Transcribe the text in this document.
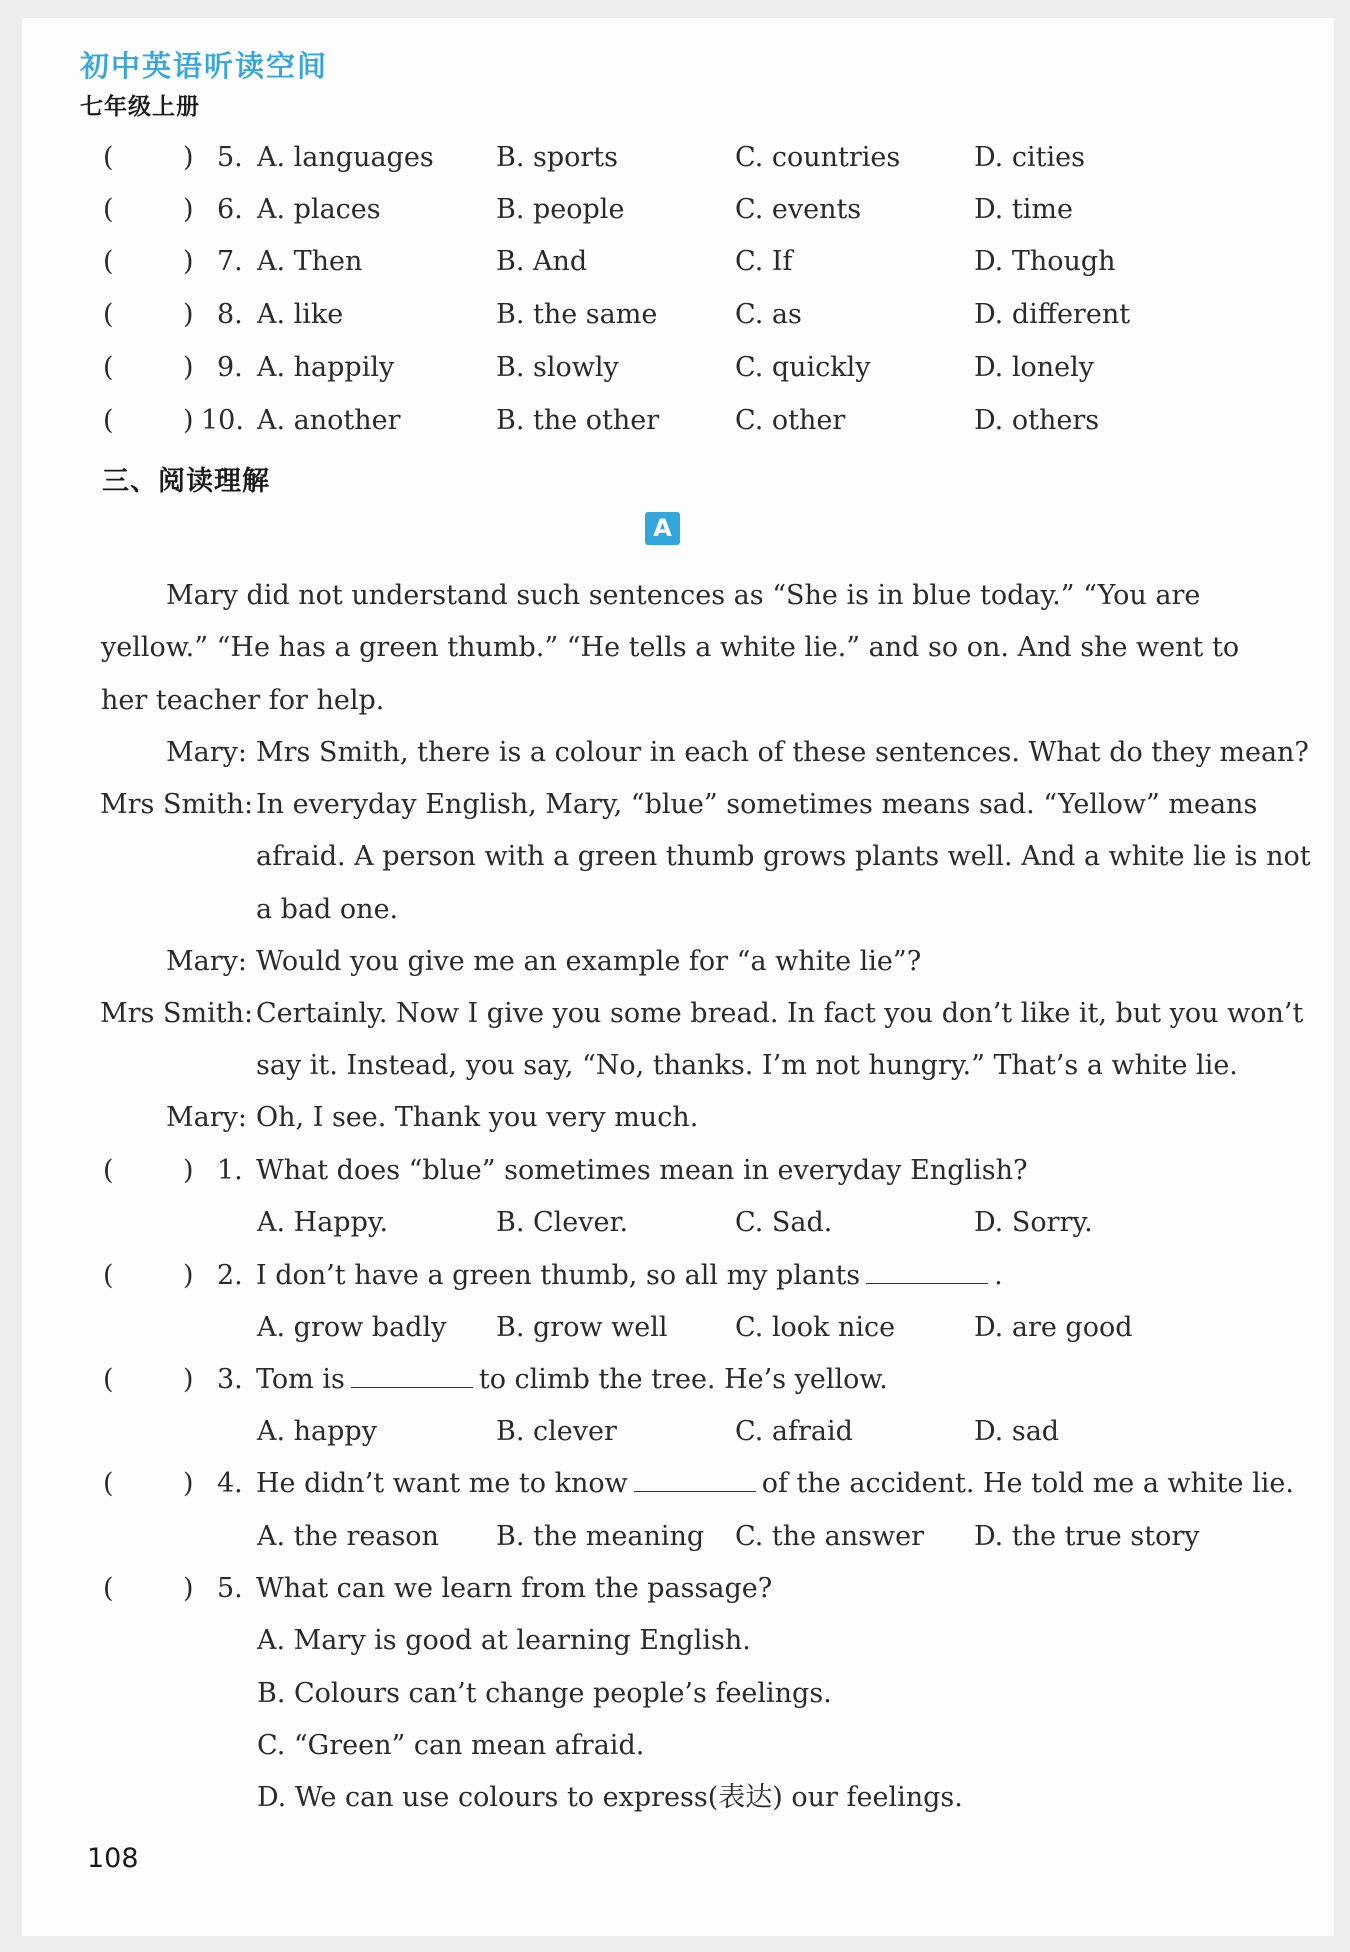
初中英语听读空间
七年级上册
(	) 5. A. languages B. sports	C. countries	D. cities
(	) 6. A. places	B. people	C. events	D. time
(	) 7. A. Then	B. And	C. If	D. Though
(	) 8. A. like	B. the same	C. as	D. different
(	) 9. A. happily	B. slowly	C. quickly	D. lonely
(	) 10. A. another	B. the other	C. other	D. others
三、阅读理解
A
Mary did not understand such sentences as “She is in blue today.” “You are
yellow.” “He has a green thumb.” “He tells a white lie.” and so on. And she went to
her teacher for help.
Mary: Mrs Smith, there is a colour in each of these sentences. What do they mean?
Mrs Smith: In everyday English, Mary, “blue” sometimes means sad. “Yellow” means
afraid. A person with a green thumb grows plants well. And a white lie is not
a bad one.
Mary: Would you give me an example for “a white lie”?
Mrs Smith: Certainly. Now I give you some bread. In fact you don’t like it, but you won’t
say it. Instead, you say, “No, thanks. I’m not hungry.” That’s a white lie.
Mary: Oh, I see. Thank you very much.
(	) 1. What does “blue” sometimes mean in everyday English?
A. Happy.	B. Clever.	C. Sad.	D. Sorry.
(	) 2. I don’t have a green thumb, so all my plants	.
A. grow badly B. grow well C. look nice	D. are good
(	) 3. Tom is	to climb the tree. He’s yellow.
A. happy	B. clever	C. afraid	D. sad
(	) 4. He didn’t want me to know	of the accident. He told me a white lie.
A. the reason B. the meaning C. the answer D. the true story
(	) 5. What can we learn from the passage?
A. Mary is good at learning English.
B. Colours can’t change people’s feelings.
C. “Green” can mean afraid.
D. We can use colours to express(表达) our feelings.
108
